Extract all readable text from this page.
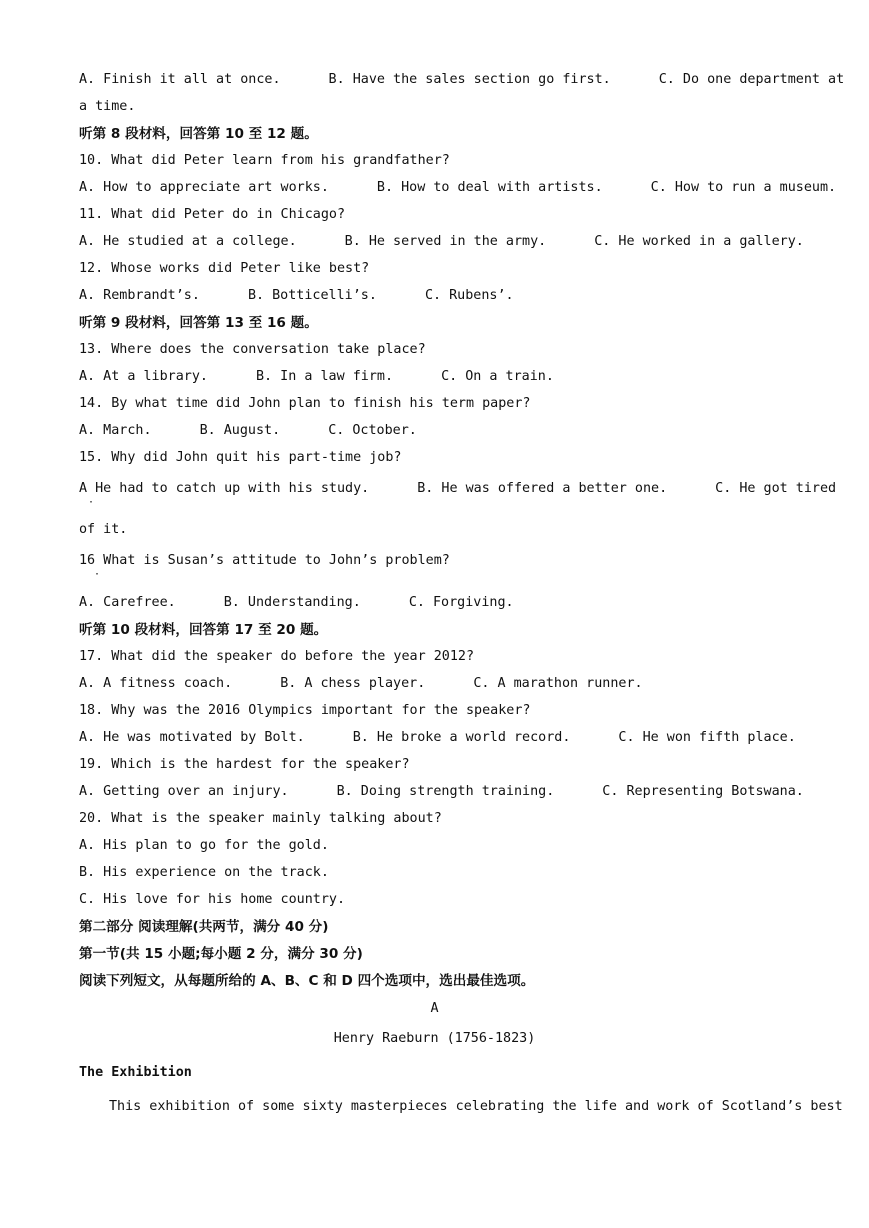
A. Finish it all at once.	B. Have the sales section go first.	C. Do one department at
a time.
听第 8 段材料，回答第 10 至 12 题。
10. What did Peter learn from his grandfather?
A. How to appreciate art works.	B. How to deal with artists.	C. How to run a museum.
11. What did Peter do in Chicago?
A. He studied at a college.	B. He served in the army.	C. He worked in a gallery.
12. Whose works did Peter like best?
A. Rembrandt’s.	B. Botticelli’s.	C. Rubens’.
听第 9 段材料，回答第 13 至 16 题。
13. Where does the conversation take place?
A. At a library.	B. In a law firm.	C. On a train.
14. By what time did John plan to finish his term paper?
A. March.	B. August.	C. October.
15. Why did John quit his part-time job?
A He had to catch up with his study.	B. He was offered a better one.	C. He got tired
·
of it.
16 What is Susan’s attitude to John’s problem?
·
A. Carefree.	B. Understanding.	C. Forgiving.
听第 10 段材料，回答第 17 至 20 题。
17. What did the speaker do before the year 2012?
A. A fitness coach.	B. A chess player.	C. A marathon runner.
18. Why was the 2016 Olympics important for the speaker?
A. He was motivated by Bolt.	B. He broke a world record.	C. He won fifth place.
19. Which is the hardest for the speaker?
A. Getting over an injury.	B. Doing strength training.	C. Representing Botswana.
20. What is the speaker mainly talking about?
A. His plan to go for the gold.
B. His experience on the track.
C. His love for his home country.
第二部分 阅读理解(共两节，满分 40 分)
第一节(共 15 小题;每小题 2 分，满分 30 分)
阅读下列短文，从每题所给的 A、B、C 和 D 四个选项中，选出最佳选项。
A
Henry Raeburn (1756-1823)
The Exhibition
This exhibition of some sixty masterpieces celebrating the life and work of Scotland’s best
